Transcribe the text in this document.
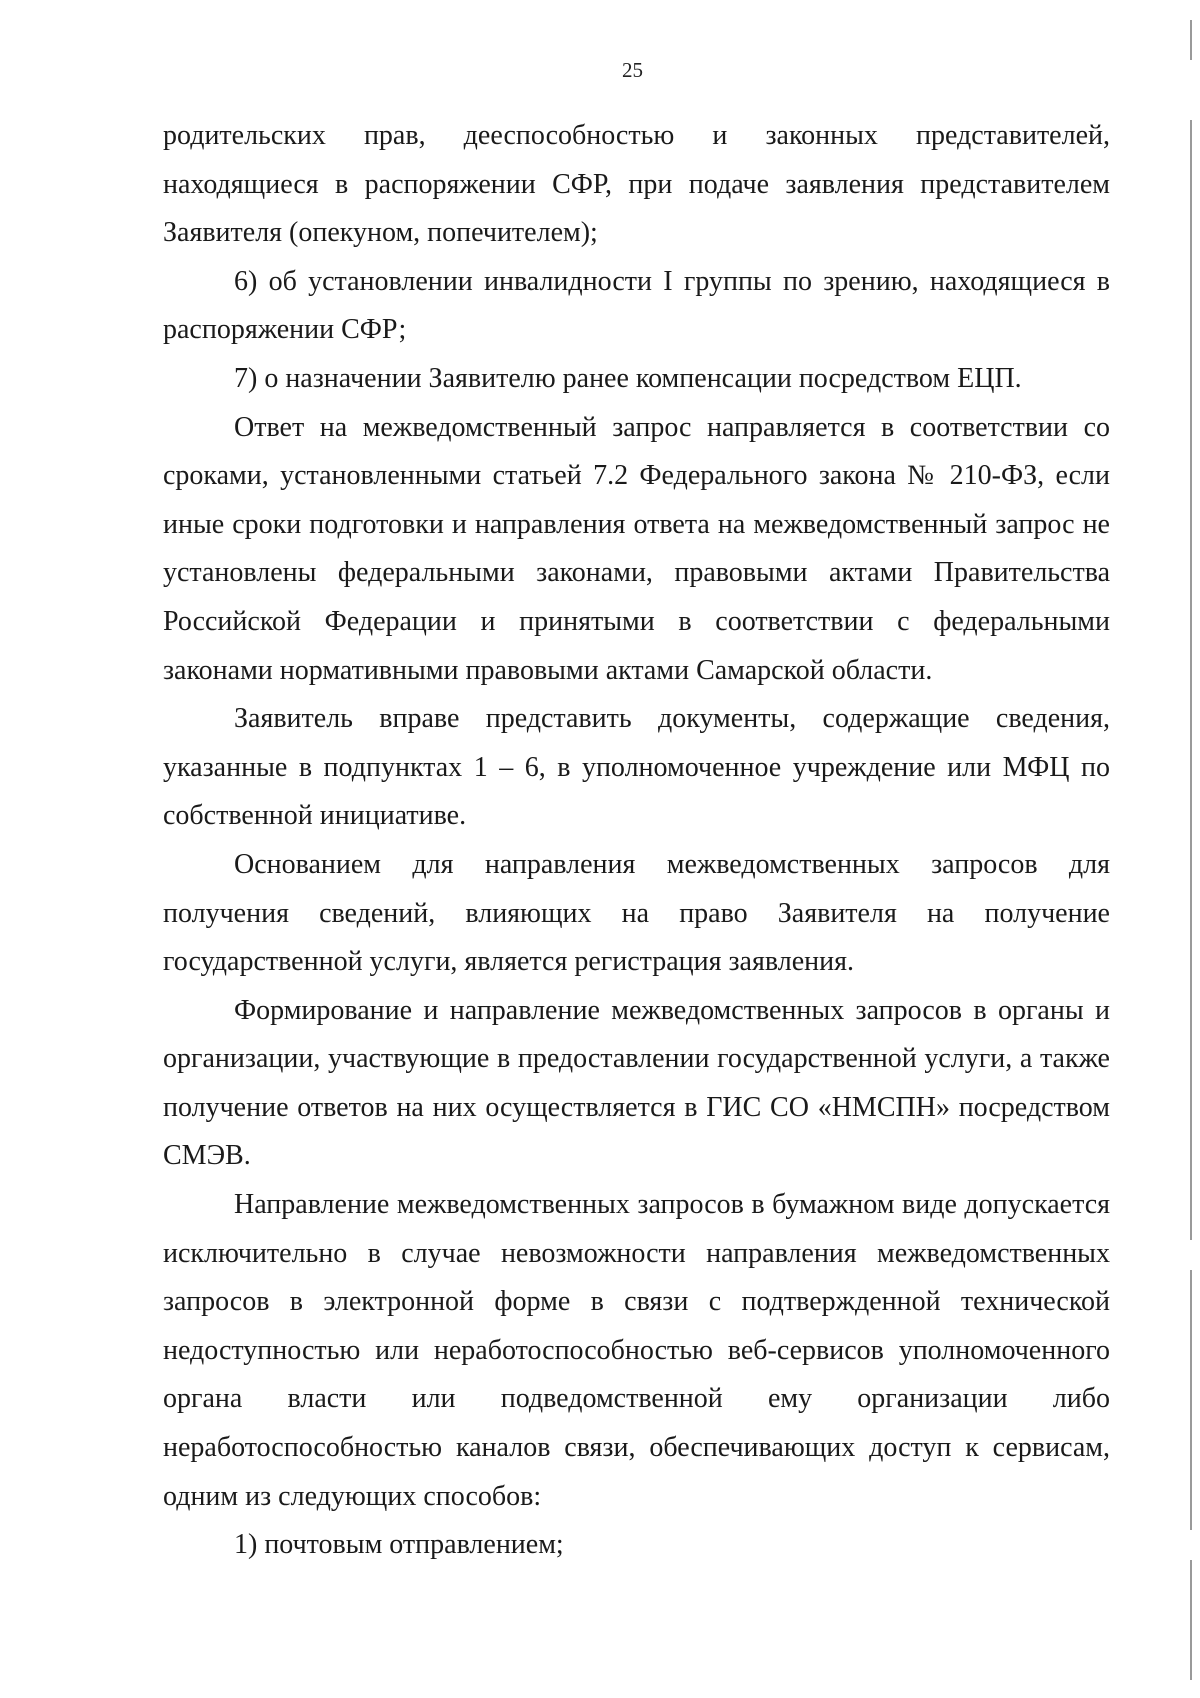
25

родительских прав, дееспособностью и законных представителей, находящиеся в распоряжении СФР, при подаче заявления представителем Заявителя (опекуном, попечителем);

6) об установлении инвалидности I группы по зрению, находящиеся в распоряжении СФР;

7) о назначении Заявителю ранее компенсации посредством ЕЦП.

Ответ на межведомственный запрос направляется в соответствии со сроками, установленными статьей 7.2 Федерального закона № 210-ФЗ, если иные сроки подготовки и направления ответа на межведомственный запрос не установлены федеральными законами, правовыми актами Правительства Российской Федерации и принятыми в соответствии с федеральными законами нормативными правовыми актами Самарской области.

Заявитель вправе представить документы, содержащие сведения, указанные в подпунктах 1 – 6, в уполномоченное учреждение или МФЦ по собственной инициативе.

Основанием для направления межведомственных запросов для получения сведений, влияющих на право Заявителя на получение государственной услуги, является регистрация заявления.

Формирование и направление межведомственных запросов в органы и организации, участвующие в предоставлении государственной услуги, а также получение ответов на них осуществляется в ГИС СО «НМСПН» посредством СМЭВ.

Направление межведомственных запросов в бумажном виде допускается исключительно в случае невозможности направления межведомственных запросов в электронной форме в связи с подтвержденной технической недоступностью или неработоспособностью веб-сервисов уполномоченного органа власти или подведомственной ему организации либо неработоспособностью каналов связи, обеспечивающих доступ к сервисам, одним из следующих способов:

1) почтовым отправлением;
